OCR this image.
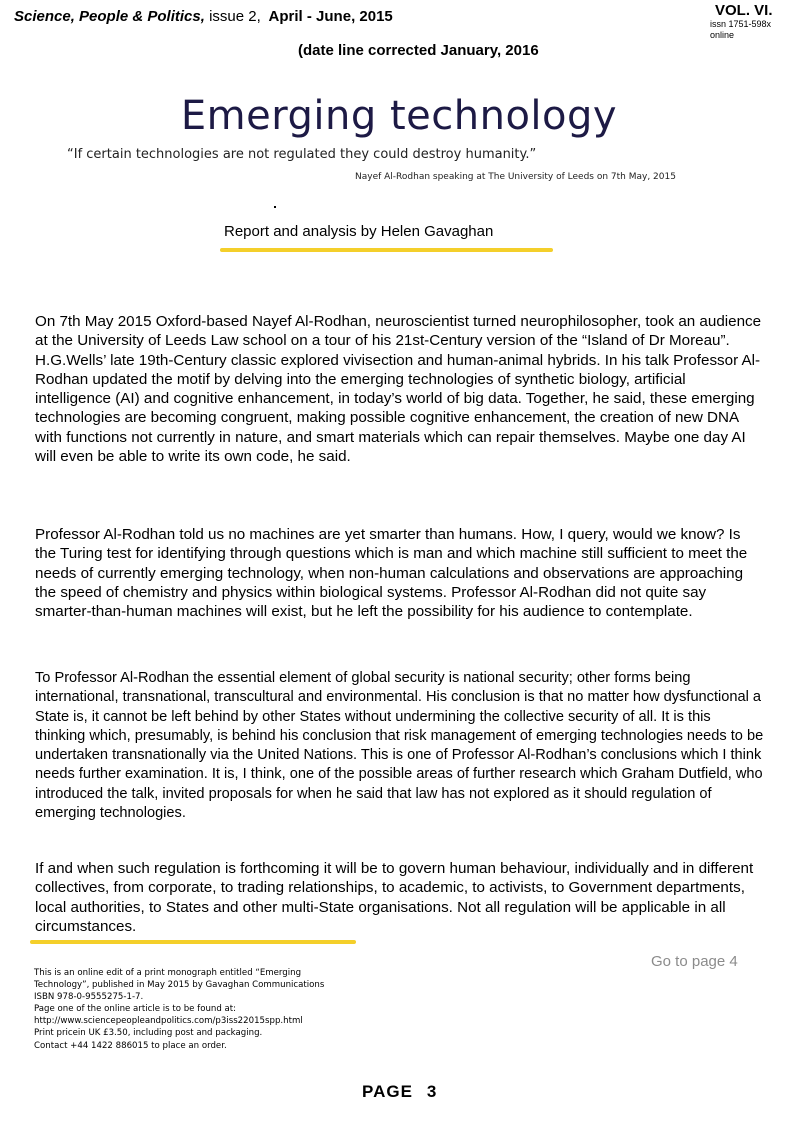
Science, People & Politics, issue 2,  April - June, 2015
(date line corrected January, 2016
VOL. VI.
issn 1751-598x
online
Emerging technology
“If certain technologies are not regulated they could destroy humanity.”
Nayef Al-Rodhan speaking at The University of Leeds on 7th May, 2015
Report and analysis by Helen Gavaghan

On 7th May 2015 Oxford-based Nayef Al-Rodhan, neuroscientist turned neurophilosopher, took an audience at the University of Leeds Law school on a tour of his 21st-Century version of the “Island of Dr Moreau”. H.G.Wells’ late 19th-Century classic explored vivisection and human-animal hybrids. In his talk Professor Al-Rodhan updated the motif by delving into the emerging technologies of synthetic biology, artificial intelligence (AI) and cognitive enhancement, in today’s world of big data. Together, he said, these emerging technologies are becoming congruent, making possible cognitive enhancement, the creation of new DNA with functions not currently in nature, and smart materials which can repair themselves. Maybe one day AI will even be able to write its own code, he said.

Professor Al-Rodhan told us no machines are yet smarter than humans. How, I query, would we know? Is the Turing test for identifying through questions which is man and which machine still sufficient to meet the needs of currently emerging technology, when non-human calculations and observations are approaching the speed of chemistry and physics within biological systems. Professor Al-Rodhan did not quite say smarter-than-human machines will exist, but he left the possibility for his audience to contemplate.

To Professor Al-Rodhan the essential element of global security is national security; other forms being international, transnational, transcultural and environmental. His conclusion is that no matter how dysfunctional a State is, it cannot be left behind by other States without undermining the collective security of all. It is this thinking which, presumably, is behind his conclusion that risk management of emerging technologies needs to be undertaken transnationally via the United Nations. This is one of Professor Al-Rodhan’s conclusions which I think needs further examination. It is, I think, one of the possible areas of further research which Graham Dutfield, who introduced the talk, invited proposals for when he said that law has not explored as it should regulation of emerging technologies.

If and when such regulation is forthcoming it will be to govern human behaviour, individually and in different collectives, from corporate, to trading relationships, to academic, to activists, to Government departments, local authorities, to States and other multi-State organisations. Not all regulation will be applicable in all circumstances.

Go to page 4
This is an online edit of a print monograph entitled “Emerging
Technology”, published in May 2015 by Gavaghan Communications
ISBN 978-0-9555275-1-7.
Page one of the online article is to be found at:
http://www.sciencepeopleandpolitics.com/p3iss22015spp.html
Print pricein UK £3.50, including post and packaging.
Contact +44 1422 886015 to place an order.
PAGE 3
